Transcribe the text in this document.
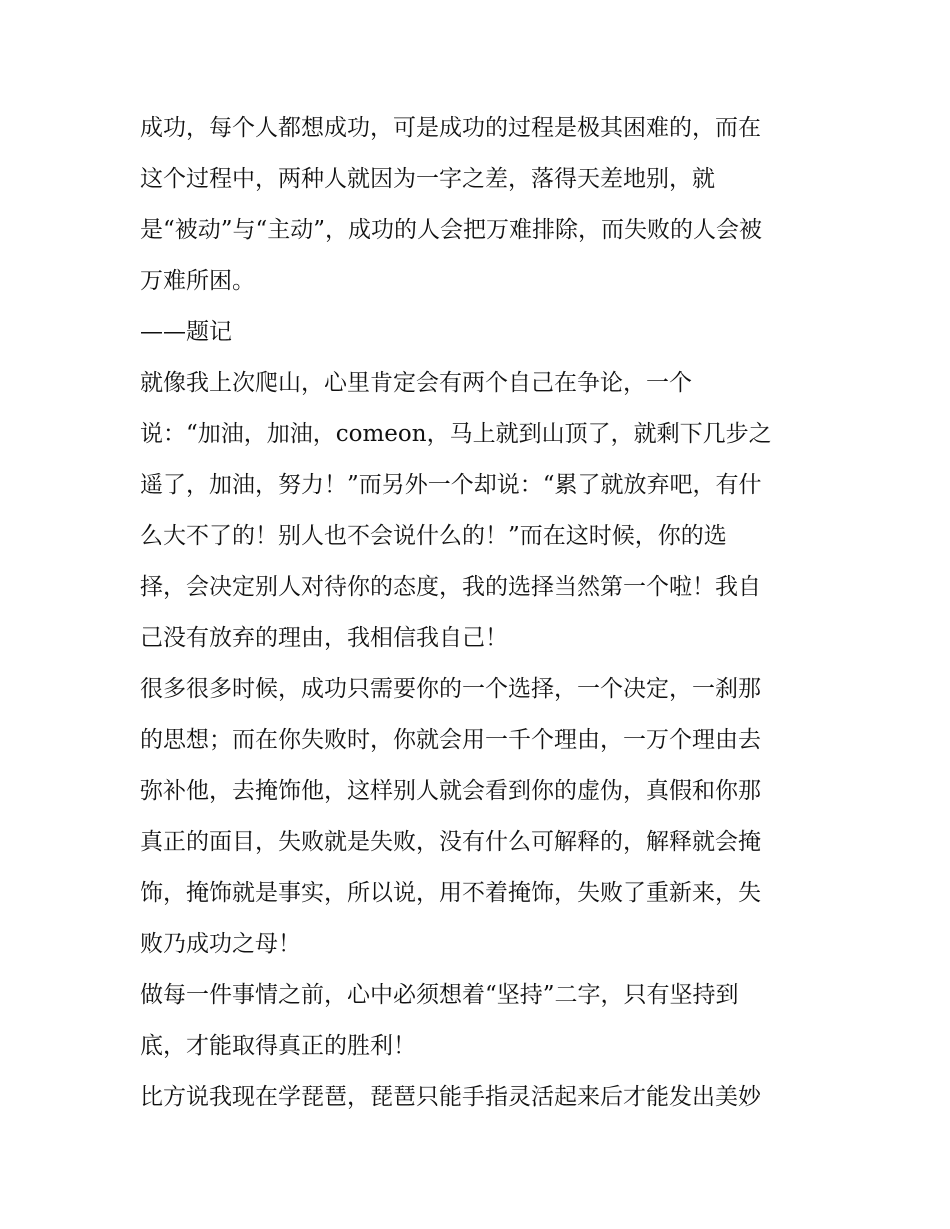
成功，每个人都想成功，可是成功的过程是极其困难的，而在
这个过程中，两种人就因为一字之差，落得天差地别，就
是“被动”与“主动”，成功的人会把万难排除，而失败的人会被
万难所困。
——题记
就像我上次爬山，心里肯定会有两个自己在争论，一个
说：“加油，加油，comeon，马上就到山顶了，就剩下几步之
遥了，加油，努力！”而另外一个却说：“累了就放弃吧，有什
么大不了的！别人也不会说什么的！”而在这时候，你的选
择，会决定别人对待你的态度，我的选择当然第一个啦！我自
己没有放弃的理由，我相信我自己！
很多很多时候，成功只需要你的一个选择，一个决定，一刹那
的思想；而在你失败时，你就会用一千个理由，一万个理由去
弥补他，去掩饰他，这样别人就会看到你的虚伪，真假和你那
真正的面目，失败就是失败，没有什么可解释的，解释就会掩
饰，掩饰就是事实，所以说，用不着掩饰，失败了重新来，失
败乃成功之母！
做每一件事情之前，心中必须想着“坚持”二字，只有坚持到
底，才能取得真正的胜利！
比方说我现在学琵琶，琵琶只能手指灵活起来后才能发出美妙
